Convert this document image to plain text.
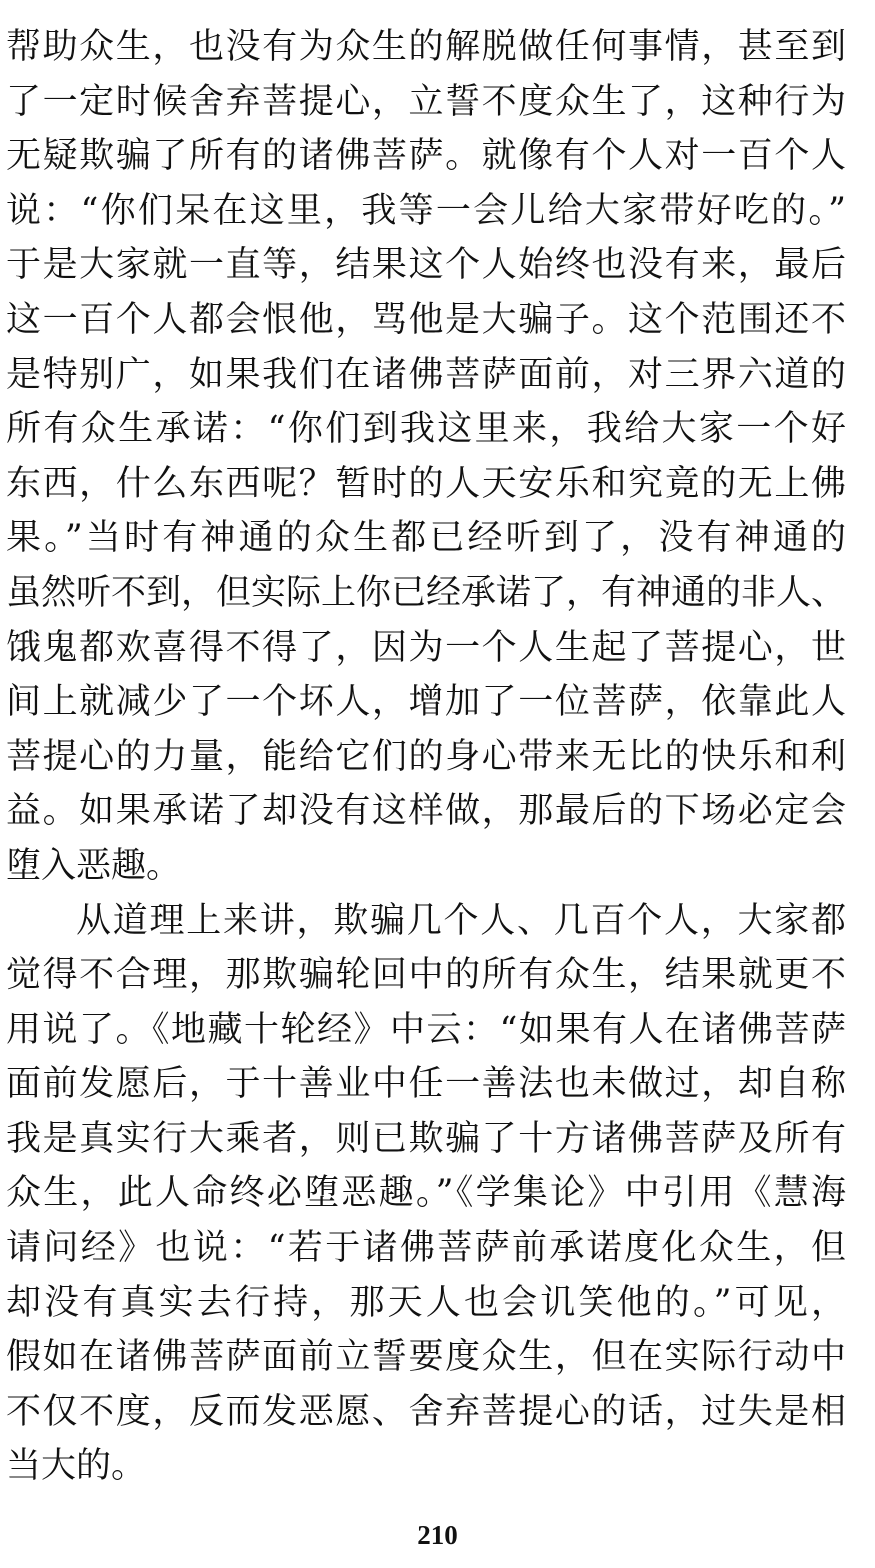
帮助众生，也没有为众生的解脱做任何事情，甚至到
了一定时候舍弃菩提心，立誓不度众生了，这种行为
无疑欺骗了所有的诸佛菩萨。就像有个人对一百个人
说：“你们呆在这里，我等一会儿给大家带好吃的。”
于是大家就一直等，结果这个人始终也没有来，最后
这一百个人都会恨他，骂他是大骗子。这个范围还不
是特别广，如果我们在诸佛菩萨面前，对三界六道的
所有众生承诺：“你们到我这里来，我给大家一个好
东西，什么东西呢？暂时的人天安乐和究竟的无上佛
果。”当时有神通的众生都已经听到了，没有神通的
虽然听不到，但实际上你已经承诺了，有神通的非人、
饿鬼都欢喜得不得了，因为一个人生起了菩提心，世
间上就减少了一个坏人，增加了一位菩萨，依靠此人
菩提心的力量，能给它们的身心带来无比的快乐和利
益。如果承诺了却没有这样做，那最后的下场必定会
堕入恶趣。
从道理上来讲，欺骗几个人、几百个人，大家都
觉得不合理，那欺骗轮回中的所有众生，结果就更不
用说了。《地藏十轮经》中云：“如果有人在诸佛菩萨
面前发愿后，于十善业中任一善法也未做过，却自称
我是真实行大乘者，则已欺骗了十方诸佛菩萨及所有
众生，此人命终必堕恶趣。”《学集论》中引用《慧海
请问经》也说：“若于诸佛菩萨前承诺度化众生，但
却没有真实去行持，那天人也会讥笑他的。”可见，
假如在诸佛菩萨面前立誓要度众生，但在实际行动中
不仅不度，反而发恶愿、舍弃菩提心的话，过失是相
当大的。
210
